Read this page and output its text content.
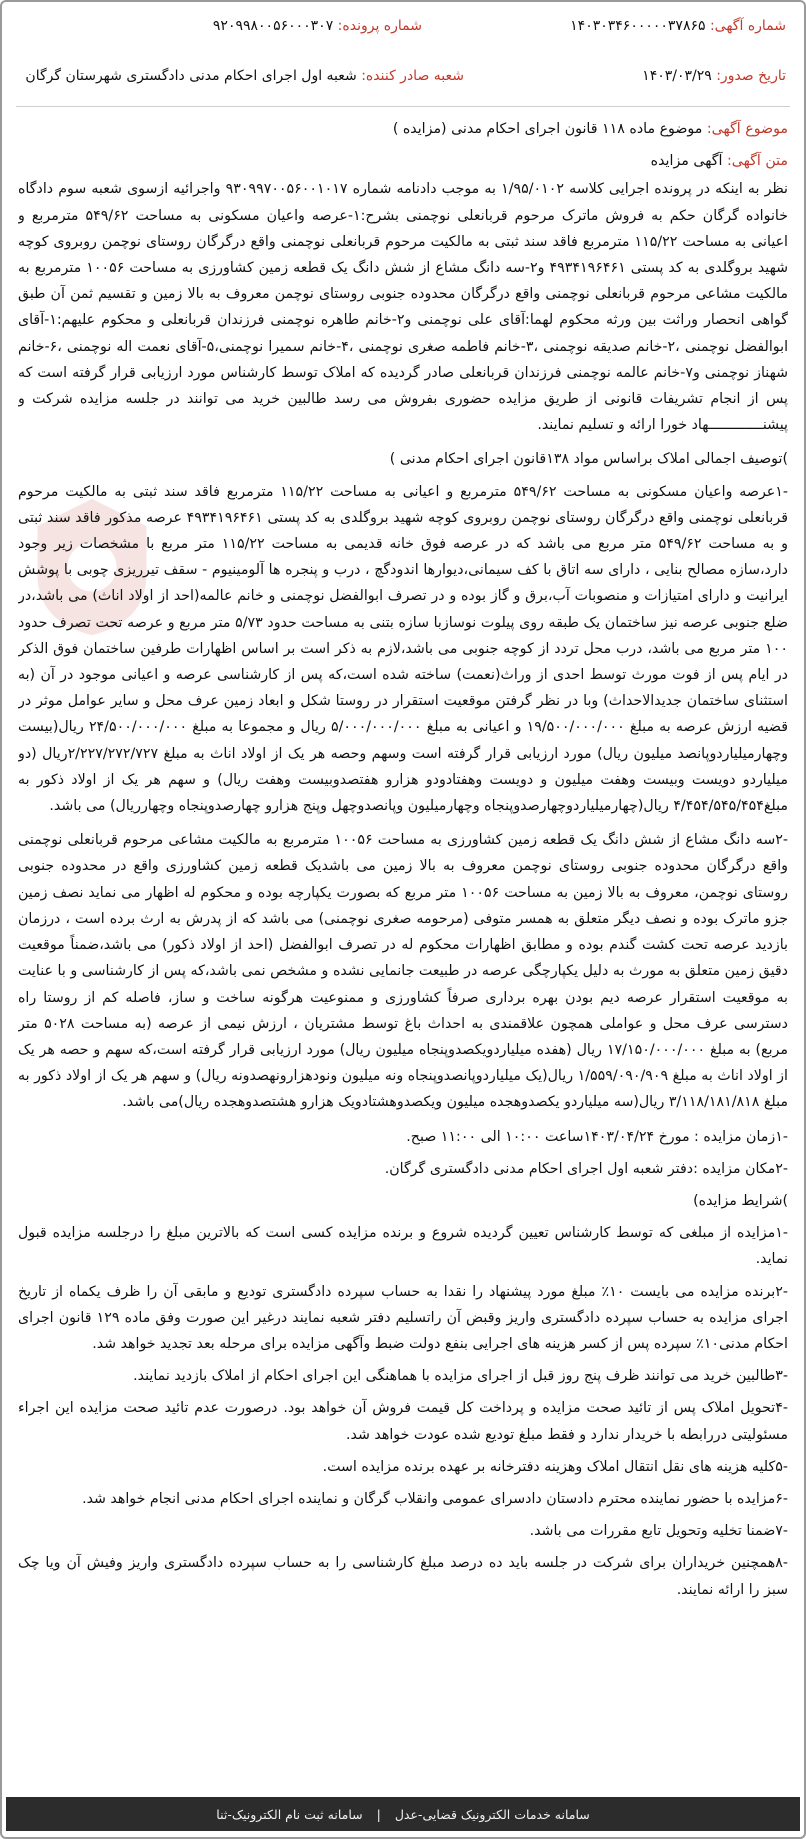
شماره آگهی: ۱۴۰۳۰۳۴۶۰۰۰۰۰۳۷۸۶۵
شماره پرونده: ۹۲۰۹۹۸۰۰۵۶۰۰۰۳۰۷
تاریخ صدور: ۱۴۰۳/۰۳/۲۹
شعبه صادر کننده: شعبه اول اجرای احکام مدنی دادگستری شهرستان گرگان

موضوع آگهی: موضوع ماده ۱۱۸ قانون اجرای احکام مدنی (مزایده )

متن آگهی: آگهی مزایده

نظر به اینکه در پرونده اجرایی کلاسه ۱/۹۵/۰۱۰۲ به موجب دادنامه شماره ۹۳۰۹۹۷۰۰۵۶۰۰۱۰۱۷ واجرائیه ازسوی شعبه سوم دادگاه خانواده گرگان حکم به فروش ماترک مرحوم قربانعلی نوچمنی بشرح:۱-عرصه واعیان مسکونی به مساحت ۵۴۹/۶۲ مترمربع و اعیانی به مساحت ۱۱۵/۲۲ مترمربع فاقد سند ثبتی به مالکیت مرحوم قربانعلی نوچمنی واقع درگرگان روستای نوچمن روبروی کوچه شهید بروگلدی به کد پستی ۴۹۳۴۱۹۶۴۶۱ و۲-سه دانگ مشاع از شش دانگ یک قطعه زمین کشاورزی به مساحت ۱۰۰۵۶ مترمربع به مالکیت مشاعی مرحوم قربانعلی نوچمنی واقع درگرگان محدوده جنوبی روستای نوچمن معروف به بالا زمین و تقسیم ثمن آن طبق گواهی انحصار وراثت بین ورثه محکوم لهما:آقای علی نوچمنی و۲-خانم طاهره نوچمنی فرزندان قربانعلی و محکوم علیهم:۱-آقای ابوالفضل نوچمنی ،۲-خانم صدیقه نوچمنی ،۳-خانم فاطمه صغری نوچمنی ،۴-خانم سمیرا نوچمنی،۵-آقای نعمت اله نوچمنی ،۶-خانم شهناز نوچمنی و۷-خانم عالمه نوچمنی فرزندان قربانعلی صادر گردیده که املاک توسط کارشناس مورد ارزیابی قرار گرفته است که پس از انجام تشریفات قانونی از طریق مزایده حضوری بفروش می رسد طالبین خرید می توانند در جلسه مزایده شرکت و پیشنـــــــــــــهاد خورا ارائه و تسلیم نمایند.

)توصیف اجمالی املاک براساس مواد ۱۳۸قانون اجرای احکام مدنی )

-۱عرصه واعیان مسکونی به مساحت ۵۴۹/۶۲ مترمربع و اعیانی به مساحت ۱۱۵/۲۲ مترمربع فاقد سند ثبتی به مالکیت مرحوم قربانعلی نوچمنی واقع درگرگان روستای نوچمن روبروی کوچه شهید بروگلدی به کد پستی ۴۹۳۴۱۹۶۴۶۱ عرصه مذکور فاقد سند ثبتی و به مساحت ۵۴۹/۶۲ متر مربع می باشد که در عرصه فوق خانه قدیمی به مساحت ۱۱۵/۲۲ متر مربع با مشخصات زیر وجود دارد،سازه مصالح بنایی ، دارای سه اتاق با کف سیمانی،دیوارها اندودگچ ، درب و پنجره ها آلومینیوم - سقف تیرریزی چوبی با پوشش ایرانیت و دارای امتیازات و منصوبات آب،برق و گاز بوده و در تصرف ابوالفضل نوچمنی و خانم عالمه(احد از اولاد اناث) می باشد،در ضلع جنوبی عرصه نیز ساختمان یک طبقه روی پیلوت نوسازبا سازه بتنی به مساحت حدود ۵/۷۳ متر مربع و عرصه تحت تصرف حدود ۱۰۰ متر مربع می باشد، درب محل تردد از کوچه جنوبی می باشد،لازم به ذکر است بر اساس اظهارات طرفین ساختمان فوق الذکر در ایام پس از فوت مورث توسط احدی از وراث(نعمت) ساخته شده است،که پس از کارشناسی عرصه و اعیانی موجود در آن (به استثنای ساختمان جدیدالاحداث) وبا در نظر گرفتن موقعیت استقرار در روستا شکل و ابعاد زمین عرف محل و سایر عوامل موثر در قضیه ارزش عرصه به مبلغ ۱۹/۵۰۰/۰۰۰/۰۰۰ و اعیانی به مبلغ ۵/۰۰۰/۰۰۰/۰۰۰ ریال و مجموعا به مبلغ ۲۴/۵۰۰/۰۰۰/۰۰۰ ریال(بیست وچهارمیلیاردوپانصد میلیون ریال) مورد ارزیابی قرار گرفته است وسهم وحصه هر یک از اولاد اناث به مبلغ ۲/۲۲۷/۲۷۲/۷۲۷ریال (دو میلیاردو دویست وبیست وهفت میلیون و دویست وهفتادودو هزارو هفتصدوبیست وهفت ریال) و سهم هر یک از اولاد ذکور به مبلغ۴/۴۵۴/۵۴۵/۴۵۴ ریال(چهارمیلیاردوچهارصدوپنجاه وچهارمیلیون وپانصدوچهل وپنج هزارو چهارصدوپنجاه وچهارریال) می باشد.

-۲سه دانگ مشاع از شش دانگ یک قطعه زمین کشاورزی به مساحت ۱۰۰۵۶ مترمربع به مالکیت مشاعی مرحوم قربانعلی نوچمنی واقع درگرگان محدوده جنوبی روستای نوچمن معروف به بالا زمین می باشدیک قطعه زمین کشاورزی واقع در محدوده جنوبی روستای نوچمن، معروف به بالا زمین به مساحت ۱۰۰۵۶ متر مربع که بصورت یکپارچه بوده و محکوم له اظهار می نماید نصف زمین جزو ماترک بوده و نصف دیگر متعلق به همسر متوفی (مرحومه صغری نوچمنی) می باشد که از پدرش به ارث برده است ، درزمان بازدید عرصه تحت کشت گندم بوده و مطابق اظهارات محکوم له در تصرف ابوالفضل (احد از اولاد ذکور) می باشد،ضمناً موقعیت دقیق زمین متعلق به مورث به دلیل یکپارچگی عرصه در طبیعت جانمایی نشده و مشخص نمی باشد،که پس از کارشناسی و با عنایت به موقعیت استقرار عرصه دیم بودن بهره برداری صرفاً کشاورزی و ممنوعیت هرگونه ساخت و ساز، فاصله کم از روستا راه دسترسی عرف محل و عواملی همچون علاقمندی به احداث باغ توسط مشتریان ، ارزش نیمی از عرصه (به مساحت ۵۰۲۸ متر مربع) به مبلغ ۱۷/۱۵۰/۰۰۰/۰۰۰ ریال (هفده میلیاردویکصدوپنجاه میلیون ریال) مورد ارزیابی قرار گرفته است،که سهم و حصه هر یک از اولاد اناث به مبلغ ۱/۵۵۹/۰۹۰/۹۰۹ ریال(یک میلیاردوپانصدوپنجاه ونه میلیون ونودهزارونهصدونه ریال) و سهم هر یک از اولاد ذکور به مبلغ ۳/۱۱۸/۱۸۱/۸۱۸ ریال(سه میلیاردو یکصدوهجده میلیون ویکصدوهشتادویک هزارو هشتصدوهجده ریال)می باشد.

-۱زمان مزایده : مورخ ۱۴۰۳/۰۴/۲۴ساعت ۱۰:۰۰ الی ۱۱:۰۰ صبح.

-۲مکان مزایده :دفتر شعبه اول اجرای احکام مدنی دادگستری گرگان.

)شرایط مزایده)

-۱مزایده از مبلغی که توسط کارشناس تعیین گردیده شروع و برنده مزایده کسی است که بالاترین مبلغ را درجلسه مزایده قبول نماید.

-۲برنده مزایده می بایست ۱۰٪ مبلغ مورد پیشنهاد را نقدا به حساب سپرده دادگستری تودیع و مابقی آن را ظرف یکماه از تاریخ اجرای مزایده به حساب سپرده دادگستری واریز وقبض آن راتسلیم دفتر شعبه نمایند درغیر این صورت وفق ماده ۱۲۹ قانون اجرای احکام مدنی۱۰٪ سپرده پس از کسر هزینه های اجرایی بنفع دولت ضبط وآگهی مزایده برای مرحله بعد تجدید خواهد شد.

-۳طالبین خرید می توانند ظرف پنج روز قبل از اجرای مزایده با هماهنگی این اجرای احکام از املاک بازدید نمایند.

-۴تحویل املاک پس از تائید صحت مزایده و پرداخت کل قیمت فروش آن خواهد بود. درصورت عدم تائید صحت مزایده این اجراء مسئولیتی دررابطه با خریدار ندارد و فقط مبلغ تودیع شده عودت خواهد شد.

-۵کلیه هزینه های نقل انتقال املاک وهزینه دفترخانه بر عهده برنده مزایده است.

-۶مزایده با حضور نماینده محترم دادستان دادسرای عمومی وانقلاب گرگان و نماینده اجرای احکام مدنی انجام خواهد شد.

-۷ضمنا تخلیه وتحویل تابع مقررات می باشد.

-۸همچنین خریداران برای شرکت در جلسه باید ده درصد مبلغ کارشناسی را به حساب سپرده دادگستری واریز وفیش آن ویا چک سبز را ارائه نمایند.

سامانه خدمات الکترونیک قضایی-عدل
|
سامانه ثبت نام الکترونیک-ثنا
